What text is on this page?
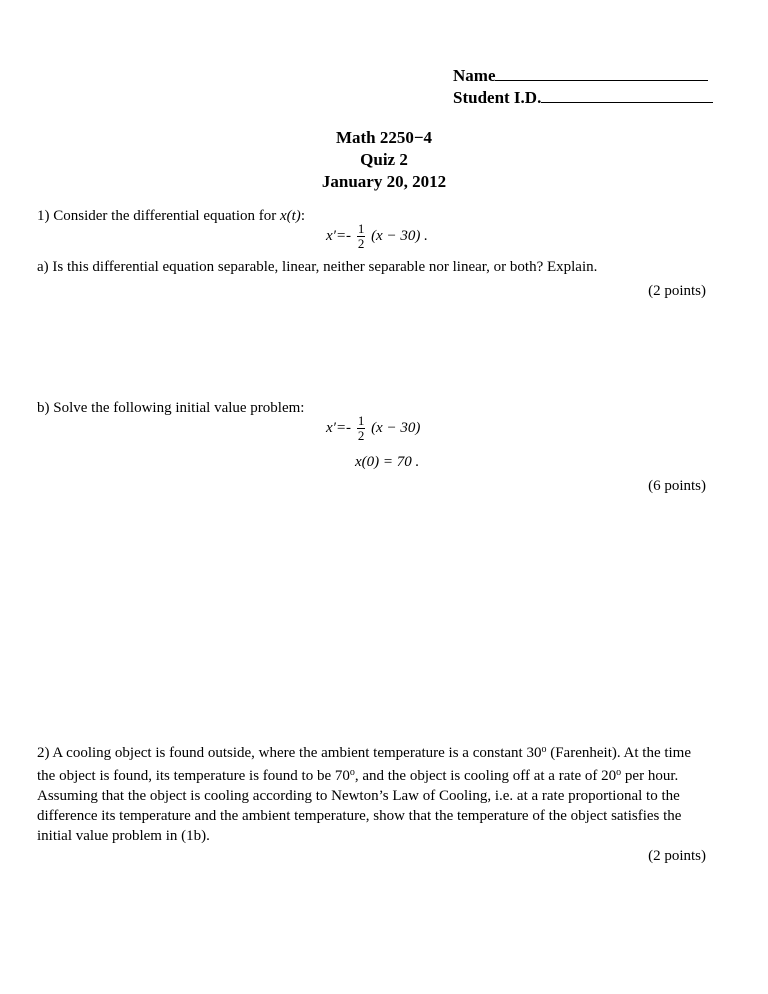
Name
Student I.D.
Math 2250−4
Quiz 2
January 20, 2012
1) Consider the differential equation for x(t):
$x'=- \frac{1}{2} (x - 30)$ .
a) Is this differential equation separable, linear, neither separable nor linear, or both? Explain.
(2 points)
b) Solve the following initial value problem:
$x'=- \frac{1}{2} (x - 30)$
x(0) = 70 .
(6 points)
2) A cooling object is found outside, where the ambient temperature is a constant 30$^o$ (Farenheit). At the time the object is found, its temperature is found to be 70$^o$, and the object is cooling off at a rate of 20$^o$ per hour. Assuming that the object is cooling according to Newton’s Law of Cooling, i.e. at a rate proportional to the difference its temperature and the ambient temperature, show that the temperature of the object satisfies the initial value problem in (1b).
(2 points)
